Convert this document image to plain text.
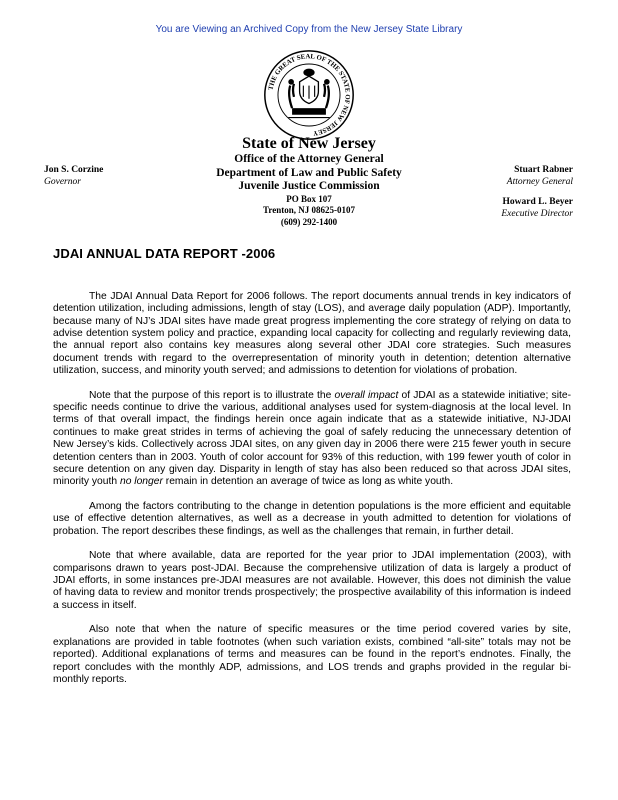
You are Viewing an Archived Copy from the New Jersey State Library
THE GREAT SEAL OF THE STATE OF NEW JERSEY
State of New Jersey
Office of the Attorney General
Department of Law and Public Safety
Juvenile Justice Commission
PO Box 107
Trenton, NJ 08625-0107
(609) 292-1400
Jon S. Corzine
Governor
Stuart Rabner
Attorney General
Howard L. Beyer
Executive Director
JDAI ANNUAL DATA REPORT -2006

The JDAI Annual Data Report for 2006 follows. The report documents annual trends in key indicators of detention utilization, including admissions, length of stay (LOS), and average daily population (ADP). Importantly, because many of NJ’s JDAI sites have made great progress implementing the core strategy of relying on data to advise detention system policy and practice, expanding local capacity for collecting and regularly reviewing data, the annual report also contains key measures along several other JDAI core strategies. Such measures document trends with regard to the overrepresentation of minority youth in detention; detention alternative utilization, success, and minority youth served; and admissions to detention for violations of probation.

Note that the purpose of this report is to illustrate the overall impact of JDAI as a statewide initiative; site-specific needs continue to drive the various, additional analyses used for system-diagnosis at the local level. In terms of that overall impact, the findings herein once again indicate that as a statewide initiative, NJ-JDAI continues to make great strides in terms of achieving the goal of safely reducing the unnecessary detention of New Jersey’s kids. Collectively across JDAI sites, on any given day in 2006 there were 215 fewer youth in secure detention centers than in 2003. Youth of color account for 93% of this reduction, with 199 fewer youth of color in secure detention on any given day. Disparity in length of stay has also been reduced so that across JDAI sites, minority youth no longer remain in detention an average of twice as long as white youth.

Among the factors contributing to the change in detention populations is the more efficient and equitable use of effective detention alternatives, as well as a decrease in youth admitted to detention for violations of probation. The report describes these findings, as well as the challenges that remain, in further detail.

Note that where available, data are reported for the year prior to JDAI implementation (2003), with comparisons drawn to years post-JDAI. Because the comprehensive utilization of data is largely a product of JDAI efforts, in some instances pre-JDAI measures are not available. However, this does not diminish the value of having data to review and monitor trends prospectively; the prospective availability of this information is indeed a success in itself.

Also note that when the nature of specific measures or the time period covered varies by site, explanations are provided in table footnotes (when such variation exists, combined “all-site” totals may not be reported). Additional explanations of terms and measures can be found in the report’s endnotes. Finally, the report concludes with the monthly ADP, admissions, and LOS trends and graphs provided in the regular bi-monthly reports.
